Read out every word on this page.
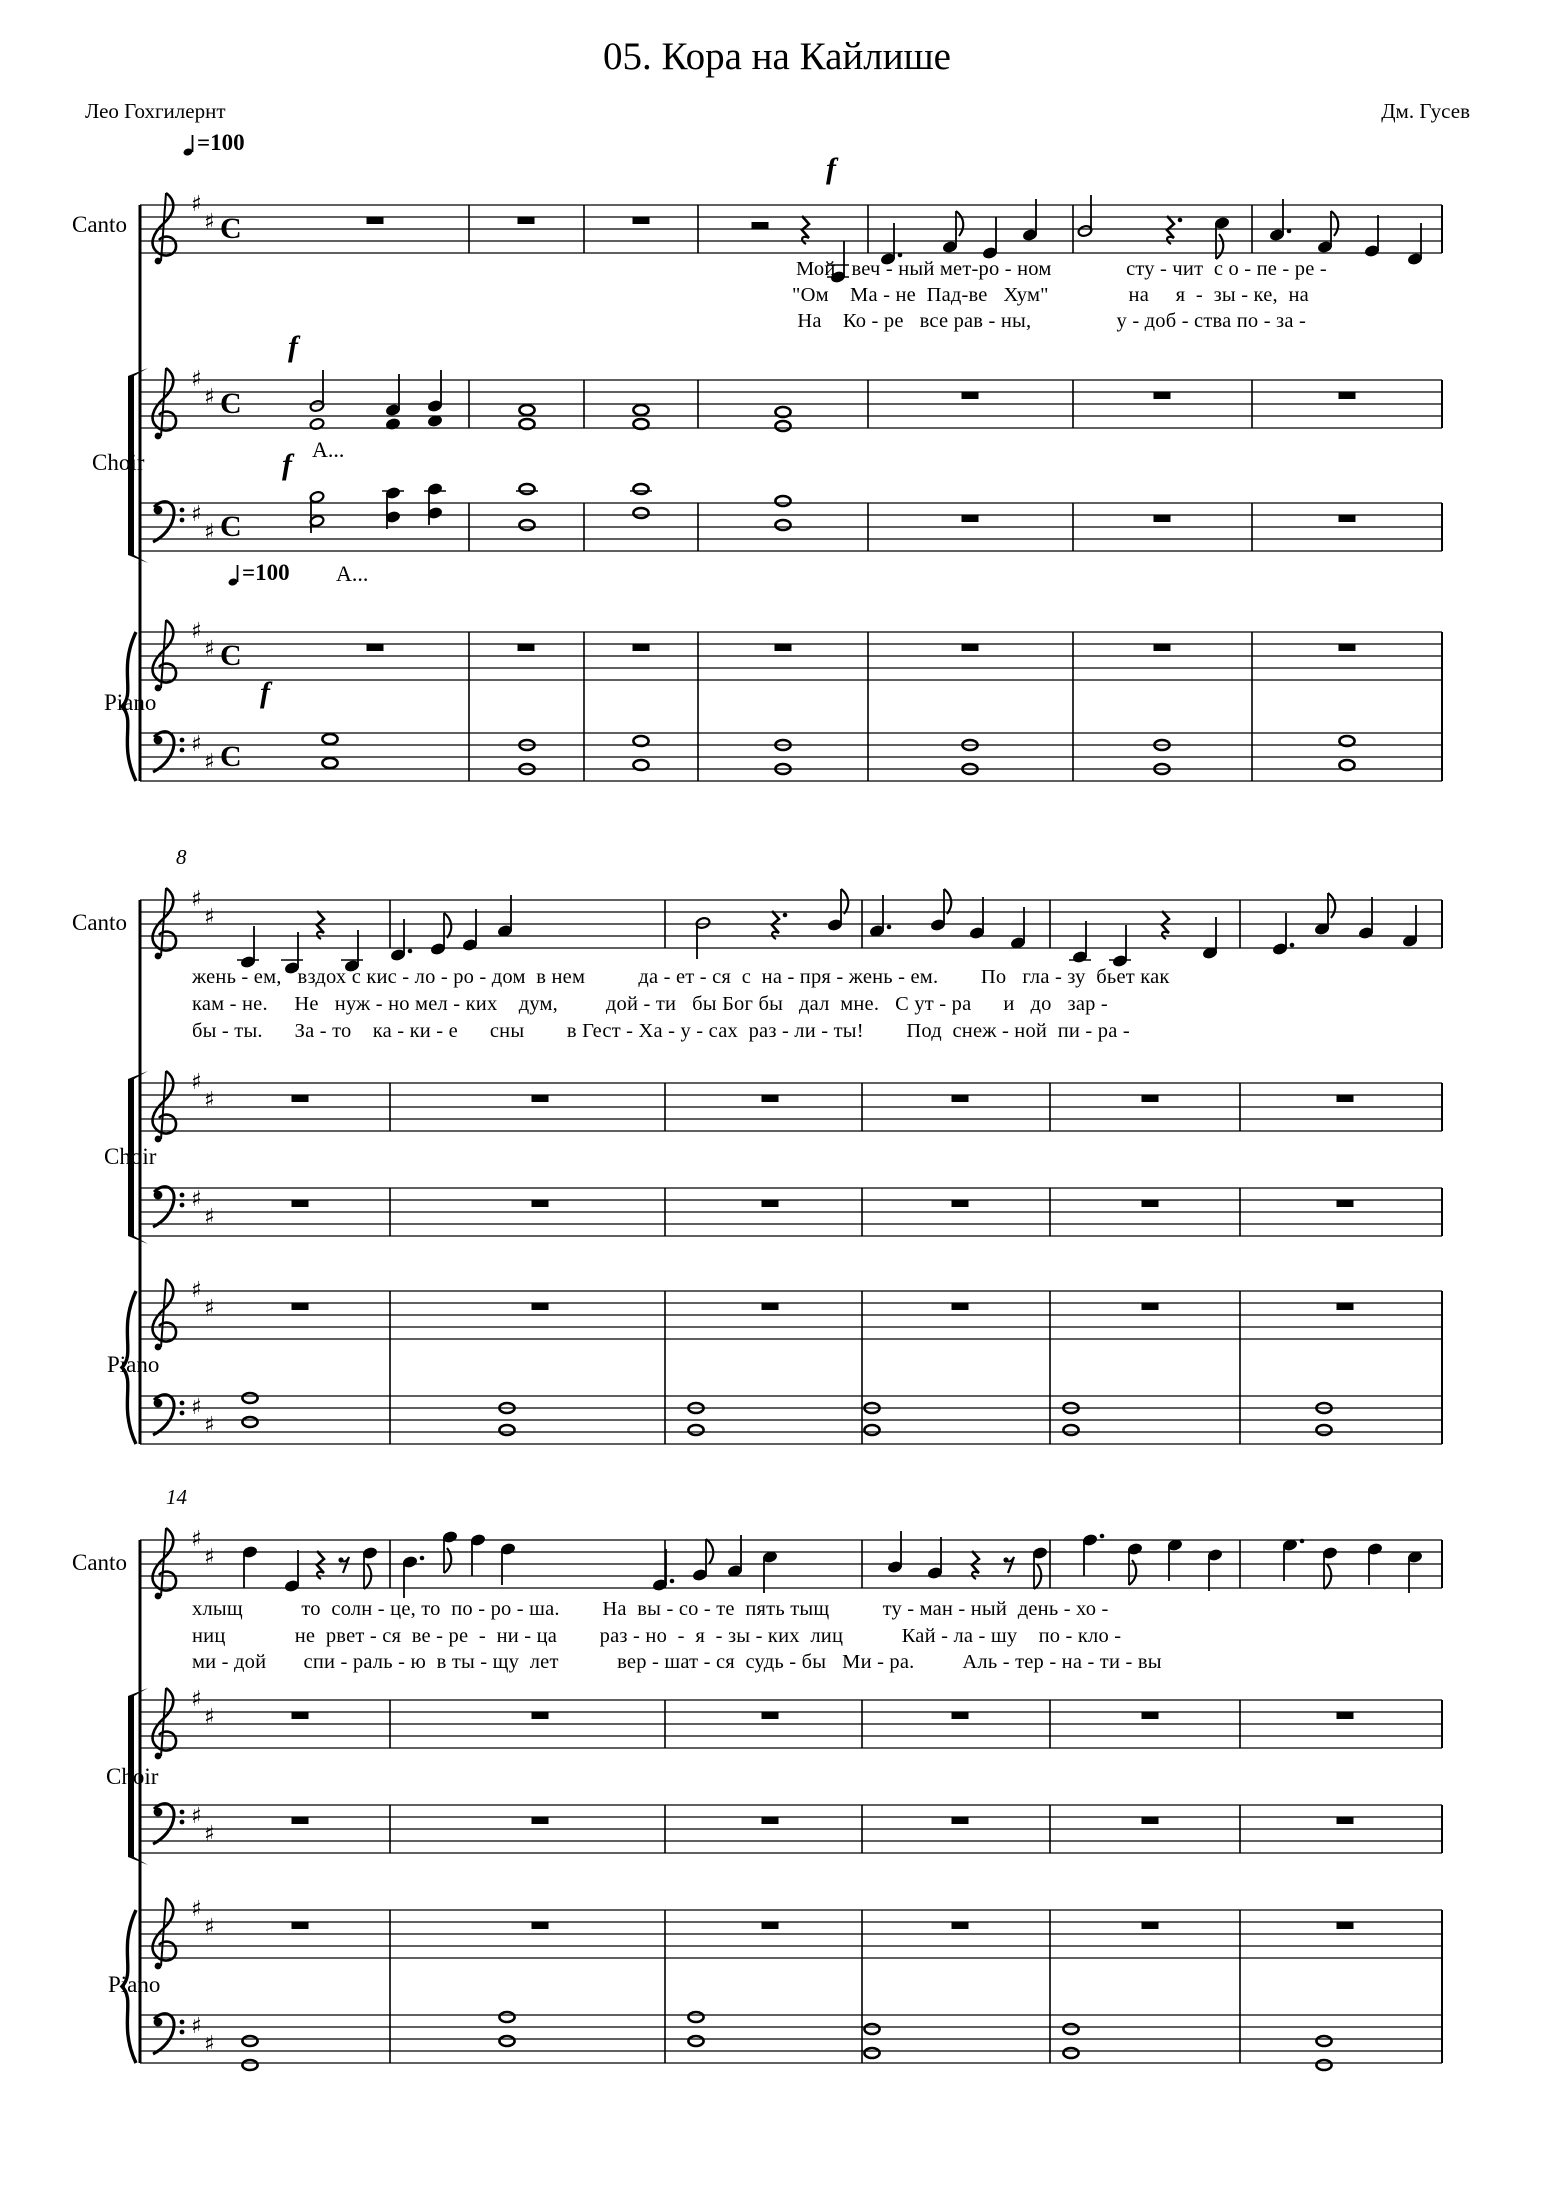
♯
♯ C
♯
♯ C
♯
♯ C
♯
♯ C
♯
♯ C
♯
♯
♯
♯
♯
♯
♯
♯
♯
♯
♯
♯
♯
♯
♯
♯
♯
♯
♯
♯
05. Кора на Кайлише
Лео Гохгилернт	Дм. Гусев
=100
=100
f
f
f
f
A...
A...
Canto
Choir
Piano
Canto
Choir
Piano
Canto
Choir
Piano
8
14
Мой   веч - ный мет-ро - ном              сту - чит  с о - пе - ре -
"Ом    Ма - не  Пад-ве   Хум"               на     я  -  зы - ке,  на
На    Ко - ре   все рав - ны,                у - доб - ства по - за -
жень - ем,   вздох с кис - ло - ро - дом  в нем          да - ет - ся  с  на - пря - жень - ем.        По   гла - зу  бьет как
кам - не.     Не   нуж - но мел - ких    дум,         дой - ти   бы Бог бы   дал  мне.   С ут - ра      и   до   зар -
бы - ты.      За - то    ка - ки - е      сны        в Гест - Ха - у - сах  раз - ли - ты!        Под  снеж - ной  пи - ра -
хлыщ           то  солн - це, то  по - ро - ша.        На  вы - со - те  пять тыщ          ту - ман - ный  день - хо -
ниц             не  рвет - ся  ве - ре  -  ни - ца        раз - но  -  я  - зы - ких  лиц           Кай - ла - шу    по - кло -
ми - дой       спи - раль - ю  в ты - щу  лет           вер - шат - ся  судь - бы   Ми - ра.         Аль - тер - на - ти - вы
